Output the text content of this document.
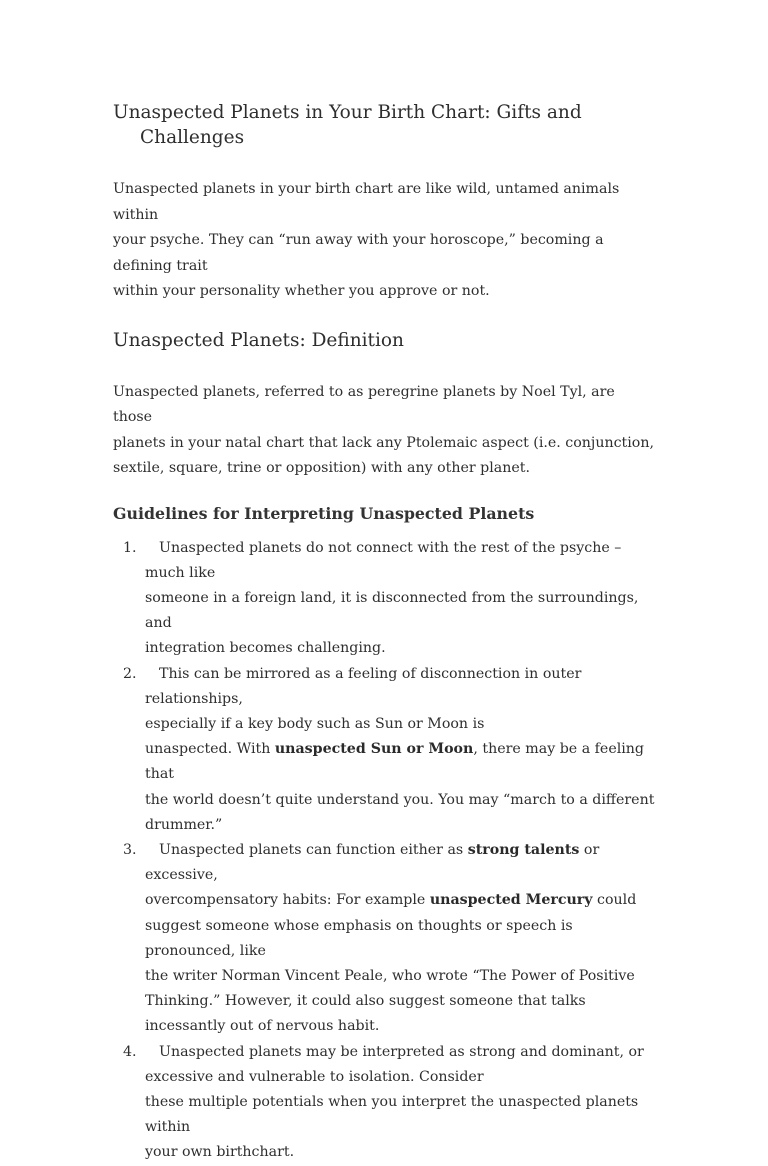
Unaspected Planets in Your Birth Chart: Gifts and Challenges

Unaspected planets in your birth chart are like wild, untamed animals within
your psyche. They can “run away with your horoscope,” becoming a defining trait
within your personality whether you approve or not.

Unaspected Planets: Definition

Unaspected planets, referred to as peregrine planets by Noel Tyl, are those
planets in your natal chart that lack any Ptolemaic aspect (i.e. conjunction,
sextile, square, trine or opposition) with any other planet.

Guidelines for Interpreting Unaspected Planets
1. Unaspected planets do not connect with the rest of the psyche – much like
someone in a foreign land, it is disconnected from the surroundings, and
integration becomes challenging.
2. This can be mirrored as a feeling of disconnection in outer relationships,
especially if a key body such as Sun or Moon is
unaspected. With unaspected Sun or Moon, there may be a feeling that
the world doesn’t quite understand you. You may “march to a different
drummer.”
3. Unaspected planets can function either as strong talents or excessive,
overcompensatory habits: For example unaspected Mercury could
suggest someone whose emphasis on thoughts or speech is pronounced, like
the writer Norman Vincent Peale, who wrote “The Power of Positive
Thinking.” However, it could also suggest someone that talks
incessantly out of nervous habit.
4. Unaspected planets may be interpreted as strong and dominant, or
excessive and vulnerable to isolation. Consider
these multiple potentials when you interpret the unaspected planets within
your own birthchart.
